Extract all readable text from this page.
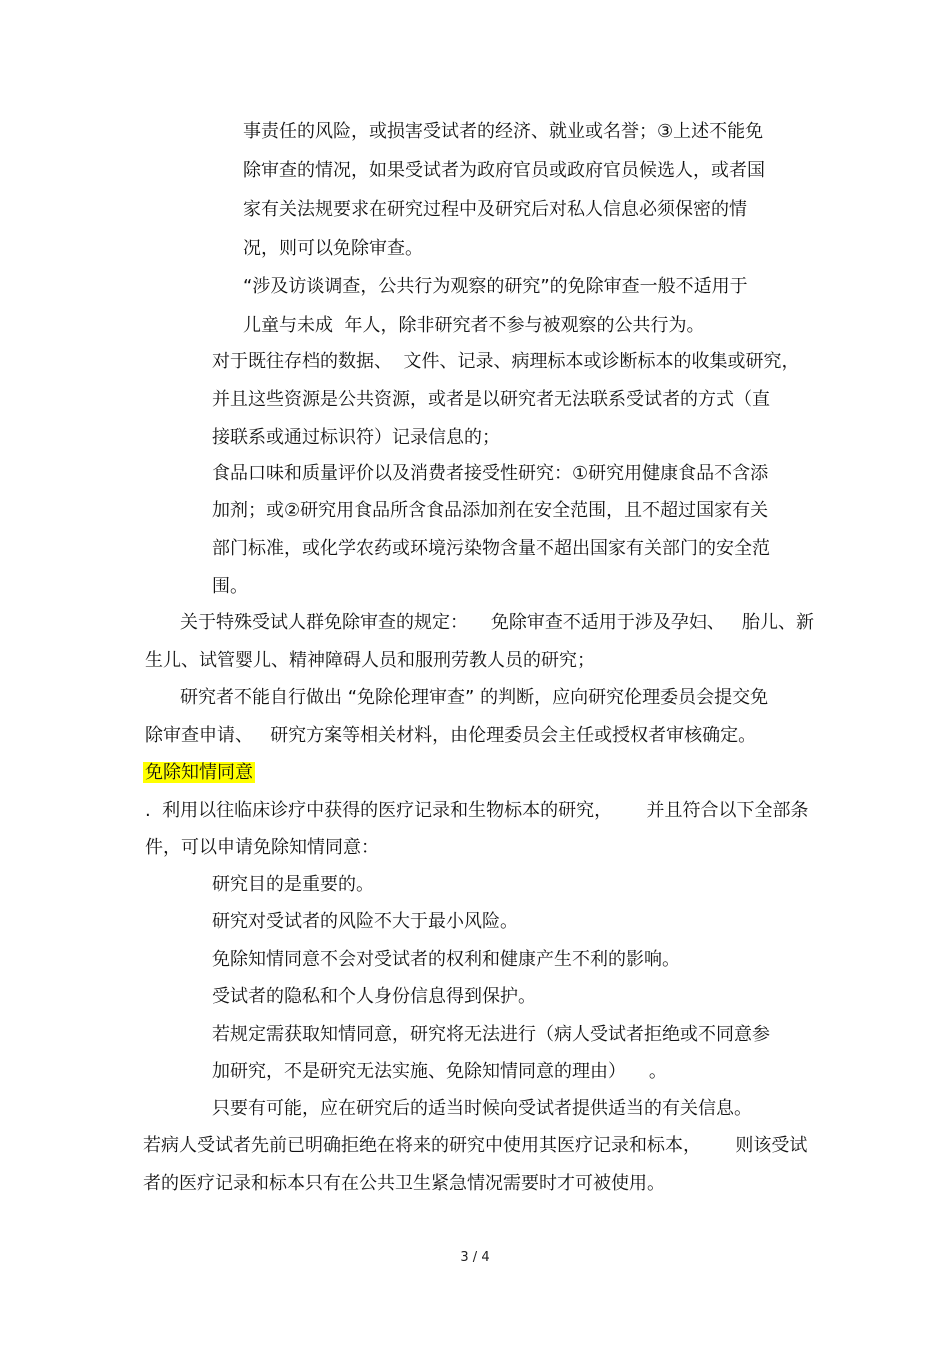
事责任的风险，或损害受试者的经济、就业或名誉；③上述不能免

除审查的情况，如果受试者为政府官员或政府官员候选人，或者国

家有关法规要求在研究过程中及研究后对私人信息必须保密的情

况，则可以免除审查。

“涉及访谈调查，公共行为观察的研究”的免除审查一般不适用于

儿童与未成  年人，除非研究者不参与被观察的公共行为。

对于既往存档的数据、  文件、记录、病理标本或诊断标本的收集或研究，

并且这些资源是公共资源，或者是以研究者无法联系受试者的方式（直

接联系或通过标识符）记录信息的；

食品口味和质量评价以及消费者接受性研究：①研究用健康食品不含添

加剂；或②研究用食品所含食品添加剂在安全范围，且不超过国家有关

部门标准，或化学农药或环境污染物含量不超出国家有关部门的安全范

围。

关于特殊受试人群免除审查的规定：    免除审查不适用于涉及孕妇、   胎儿、新

生儿、试管婴儿、精神障碍人员和服刑劳教人员的研究；

研究者不能自行做出 “免除伦理审查” 的判断，应向研究伦理委员会提交免

除审查申请、   研究方案等相关材料，由伦理委员会主任或授权者审核确定。

免除知情同意

.  利用以往临床诊疗中获得的医疗记录和生物标本的研究，      并且符合以下全部条

件，可以申请免除知情同意：

研究目的是重要的。

研究对受试者的风险不大于最小风险。

免除知情同意不会对受试者的权利和健康产生不利的影响。

受试者的隐私和个人身份信息得到保护。

若规定需获取知情同意，研究将无法进行（病人受试者拒绝或不同意参

加研究，不是研究无法实施、免除知情同意的理由）    。

只要有可能，应在研究后的适当时候向受试者提供适当的有关信息。

若病人受试者先前已明确拒绝在将来的研究中使用其医疗记录和标本，      则该受试

者的医疗记录和标本只有在公共卫生紧急情况需要时才可被使用。

3 / 4
